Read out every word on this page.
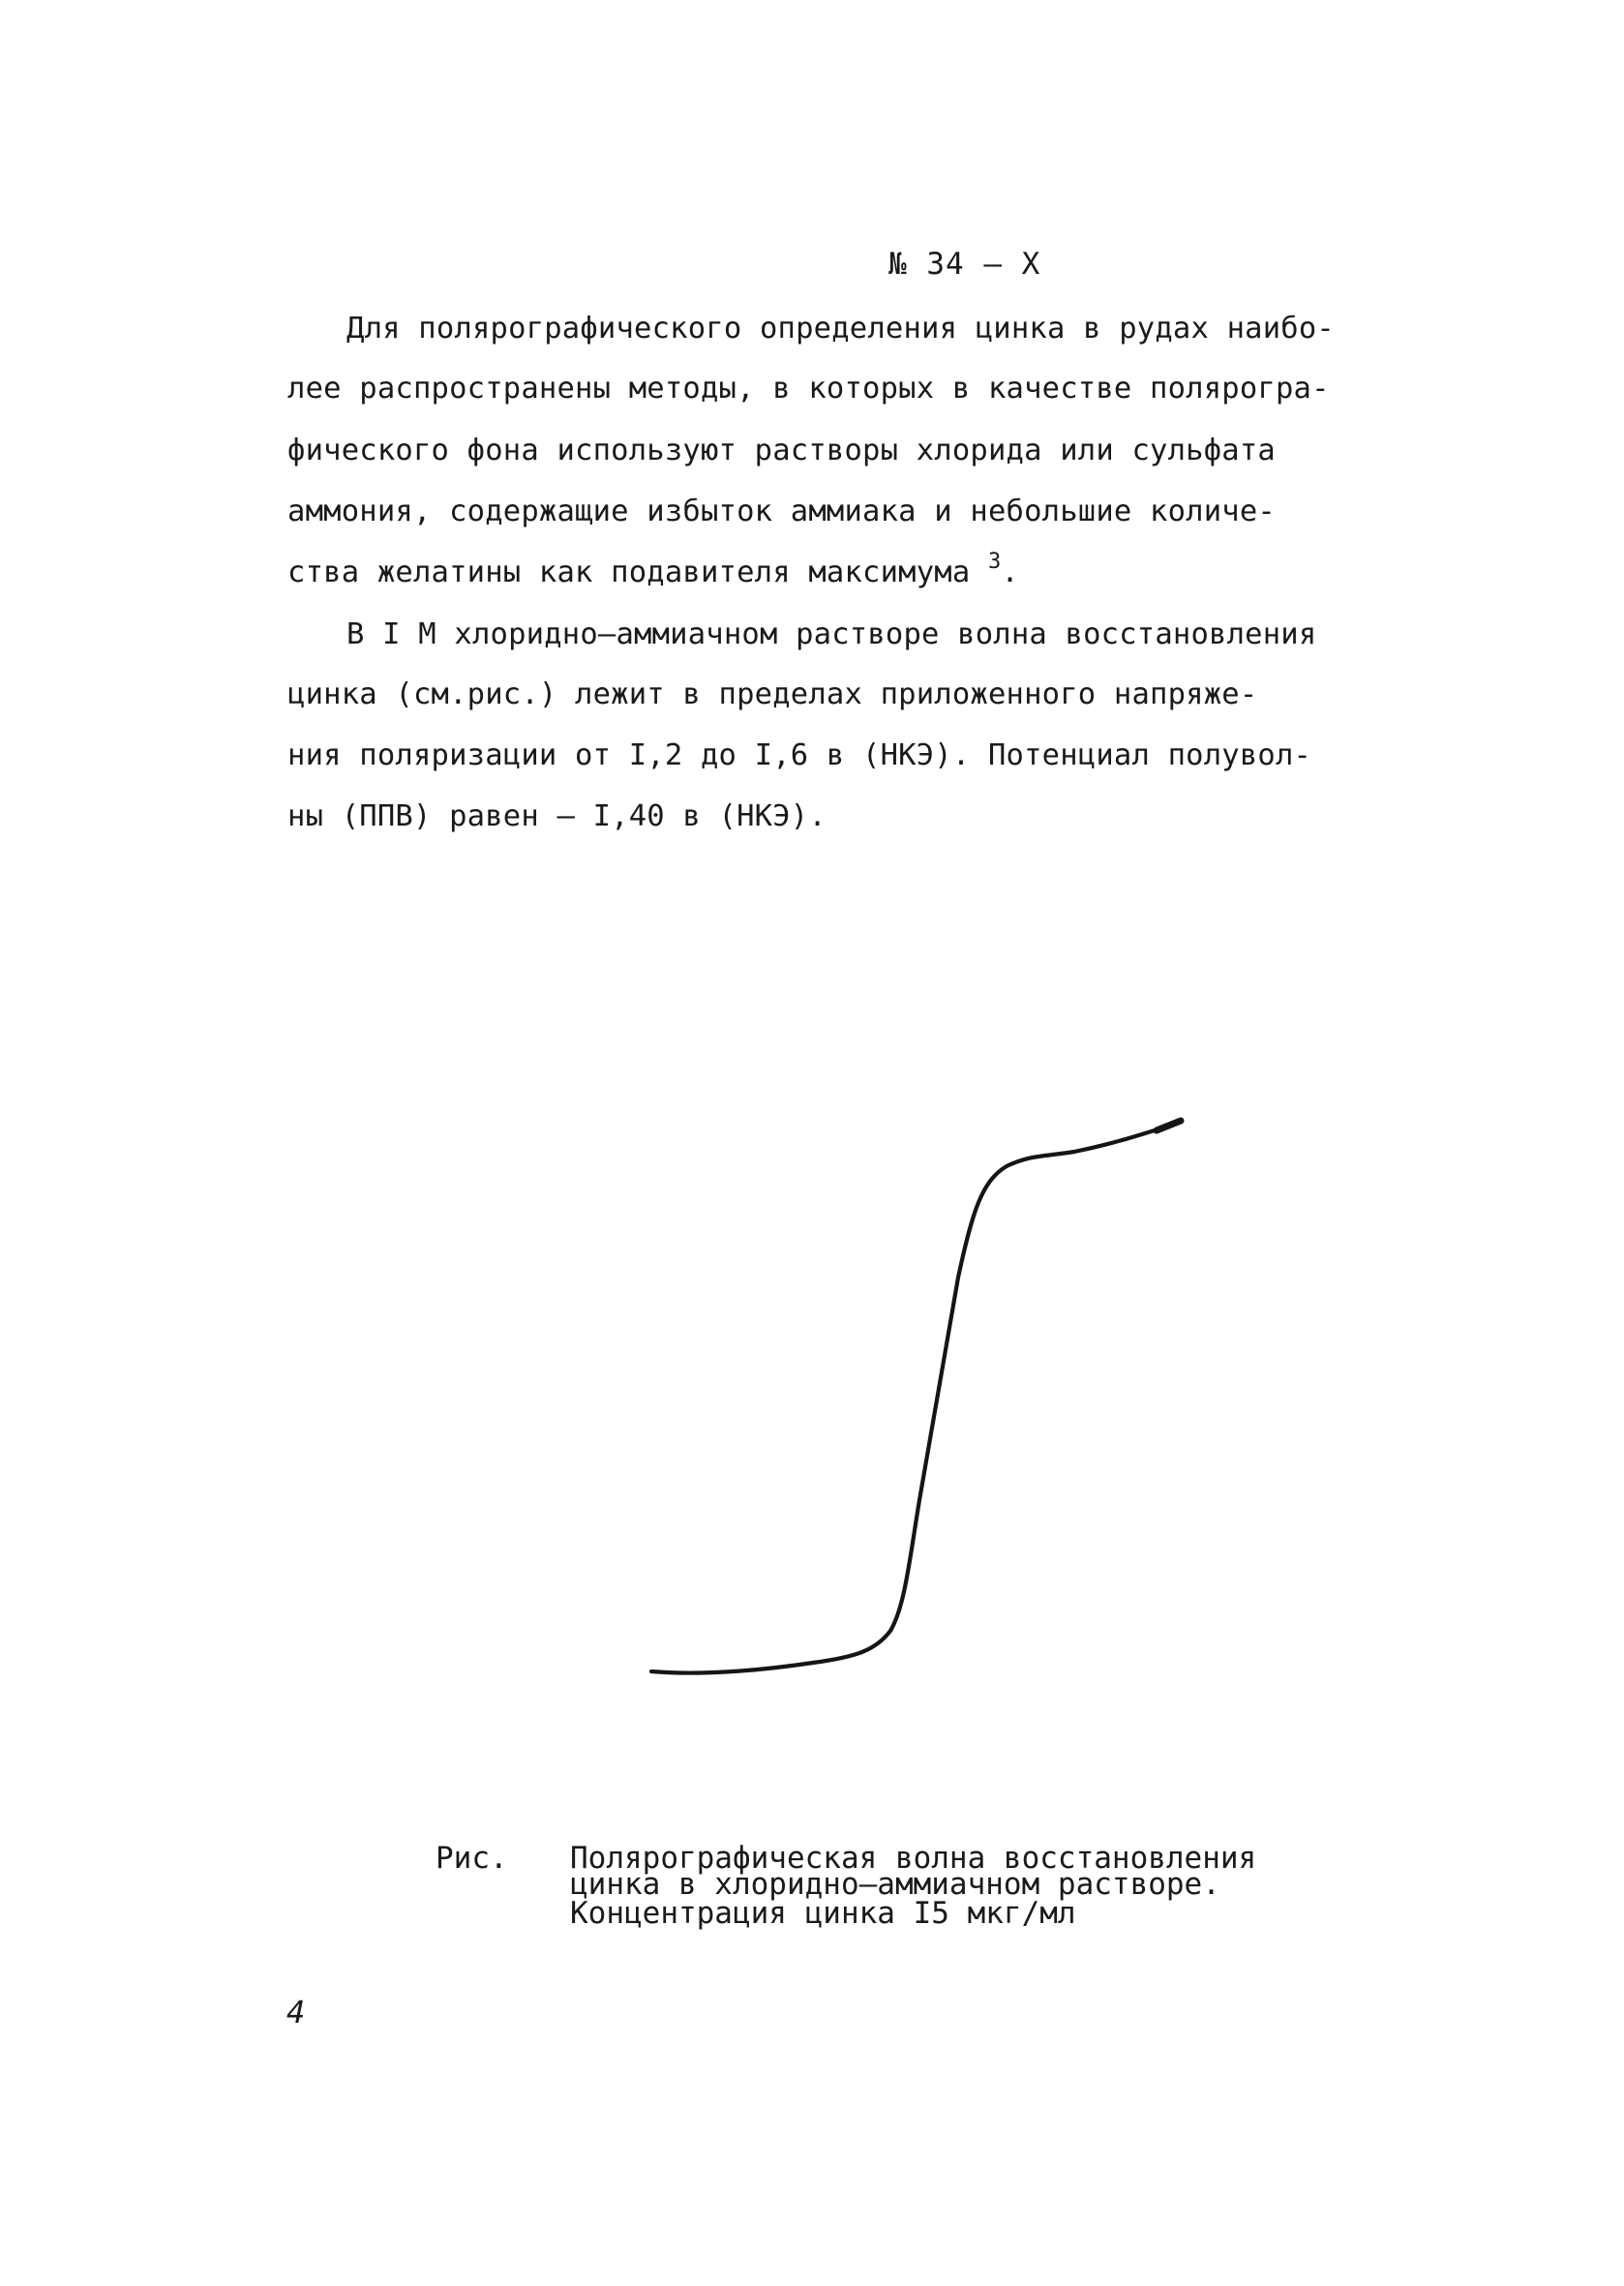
№ 34 – X
Для полярографического определения цинка в рудах наибо-
лее распространены методы, в которых в качестве полярогра-
фического фона используют растворы хлорида или сульфата
аммония, содержащие избыток аммиака и небольшие количе-
ства желатины как подавителя максимума $^3$.
В I М хлоридно–аммиачном растворе волна восстановления
цинка (см.рис.) лежит в пределах приложенного напряже-
ния поляризации от I,2 до I,6 в (НКЭ). Потенциал полувол-
ны (ППВ) равен – I,40 в (НКЭ).
Рис. Полярографическая волна восстановления
цинка в хлоридно–аммиачном растворе.
Концентрация цинка I5 мкг/мл
4
